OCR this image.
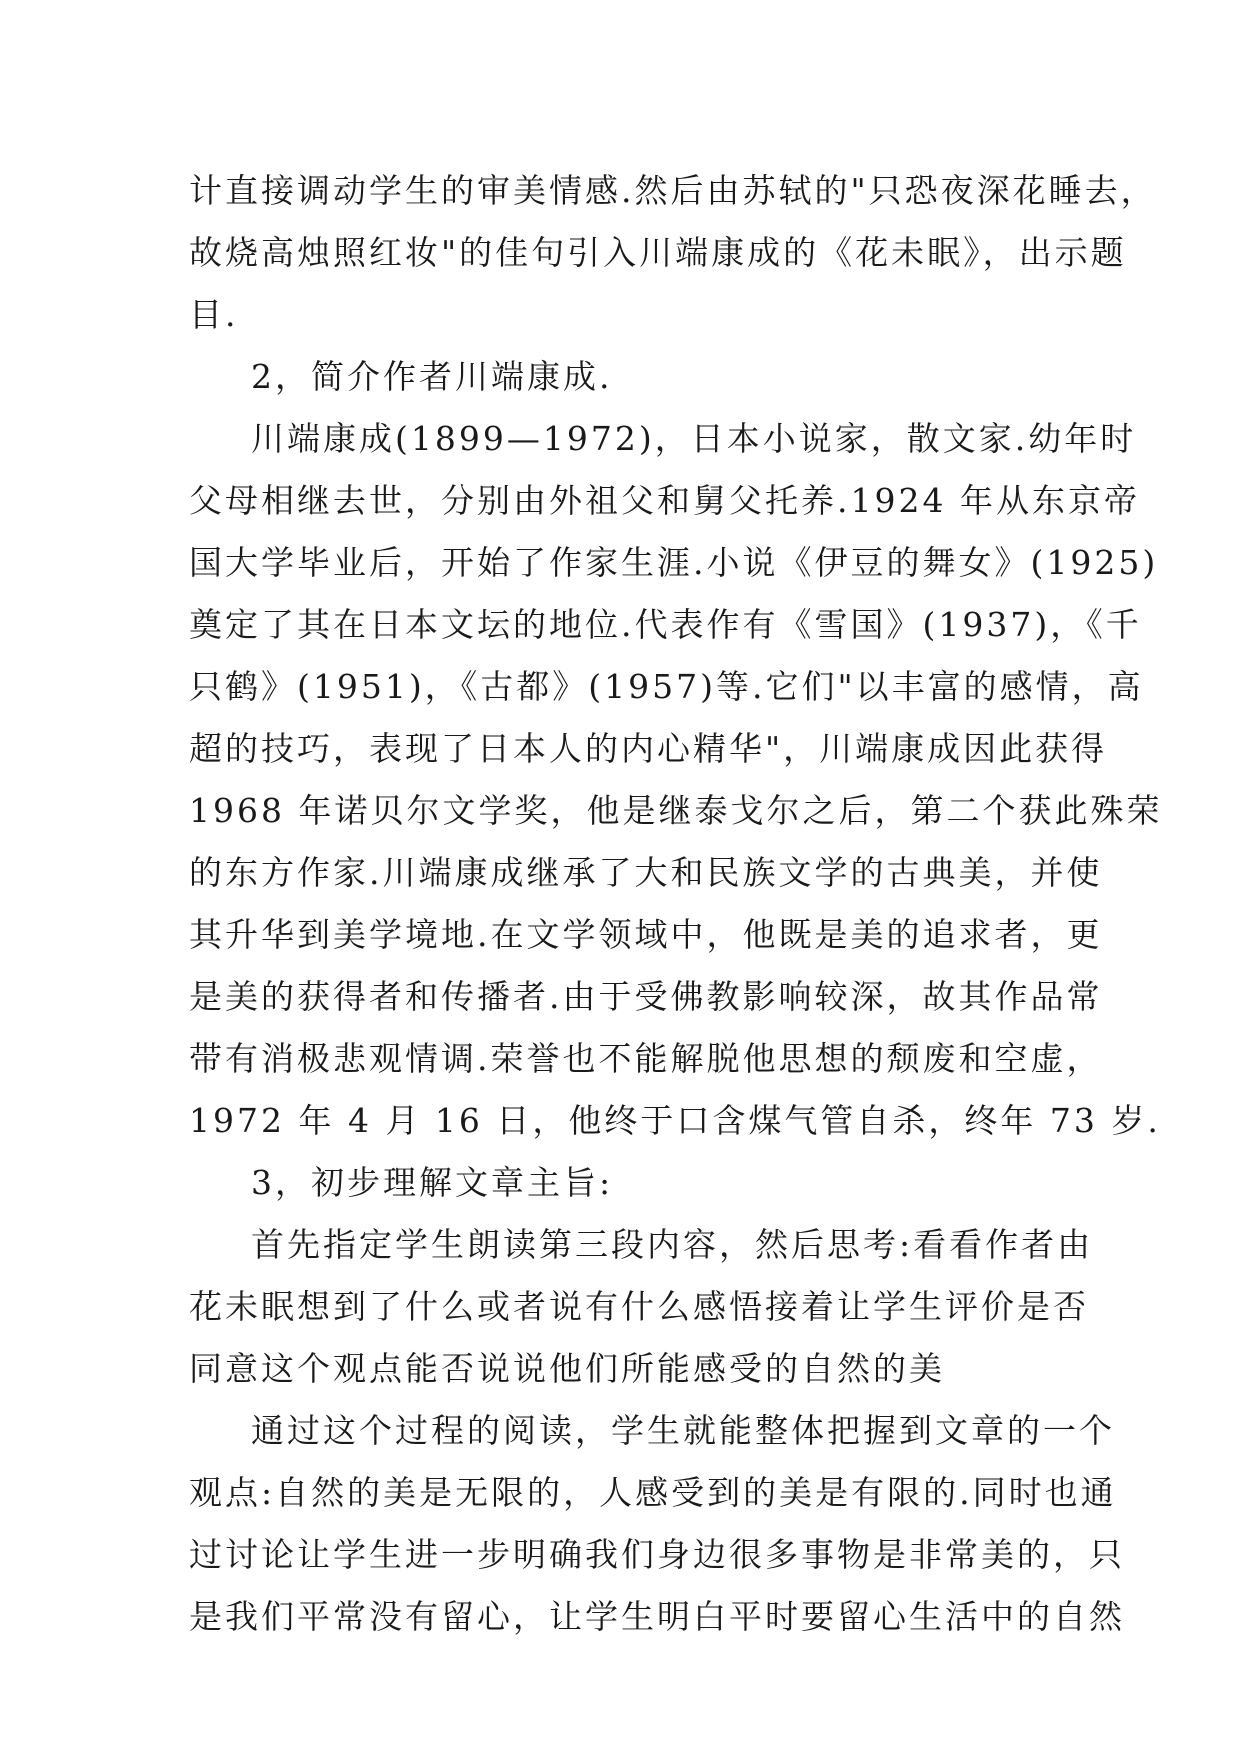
计直接调动学生的审美情感.然后由苏轼的"只恐夜深花睡去，
故烧高烛照红妆"的佳句引入川端康成的《花未眠》，出示题
目.
2，简介作者川端康成.
川端康成(1899—1972)，日本小说家，散文家.幼年时
父母相继去世，分别由外祖父和舅父托养.1924 年从东京帝
国大学毕业后，开始了作家生涯.小说《伊豆的舞女》(1925)
奠定了其在日本文坛的地位.代表作有《雪国》(1937)，《千
只鹤》(1951)，《古都》(1957)等.它们"以丰富的感情，高
超的技巧，表现了日本人的内心精华"，川端康成因此获得
1968 年诺贝尔文学奖，他是继泰戈尔之后，第二个获此殊荣
的东方作家.川端康成继承了大和民族文学的古典美，并使
其升华到美学境地.在文学领域中，他既是美的追求者，更
是美的获得者和传播者.由于受佛教影响较深，故其作品常
带有消极悲观情调.荣誉也不能解脱他思想的颓废和空虚，
1972 年 4 月 16 日，他终于口含煤气管自杀，终年 73 岁.
3，初步理解文章主旨:
首先指定学生朗读第三段内容，然后思考:看看作者由
花未眠想到了什么或者说有什么感悟接着让学生评价是否
同意这个观点能否说说他们所能感受的自然的美
通过这个过程的阅读，学生就能整体把握到文章的一个
观点:自然的美是无限的，人感受到的美是有限的.同时也通
过讨论让学生进一步明确我们身边很多事物是非常美的，只
是我们平常没有留心，让学生明白平时要留心生活中的自然
